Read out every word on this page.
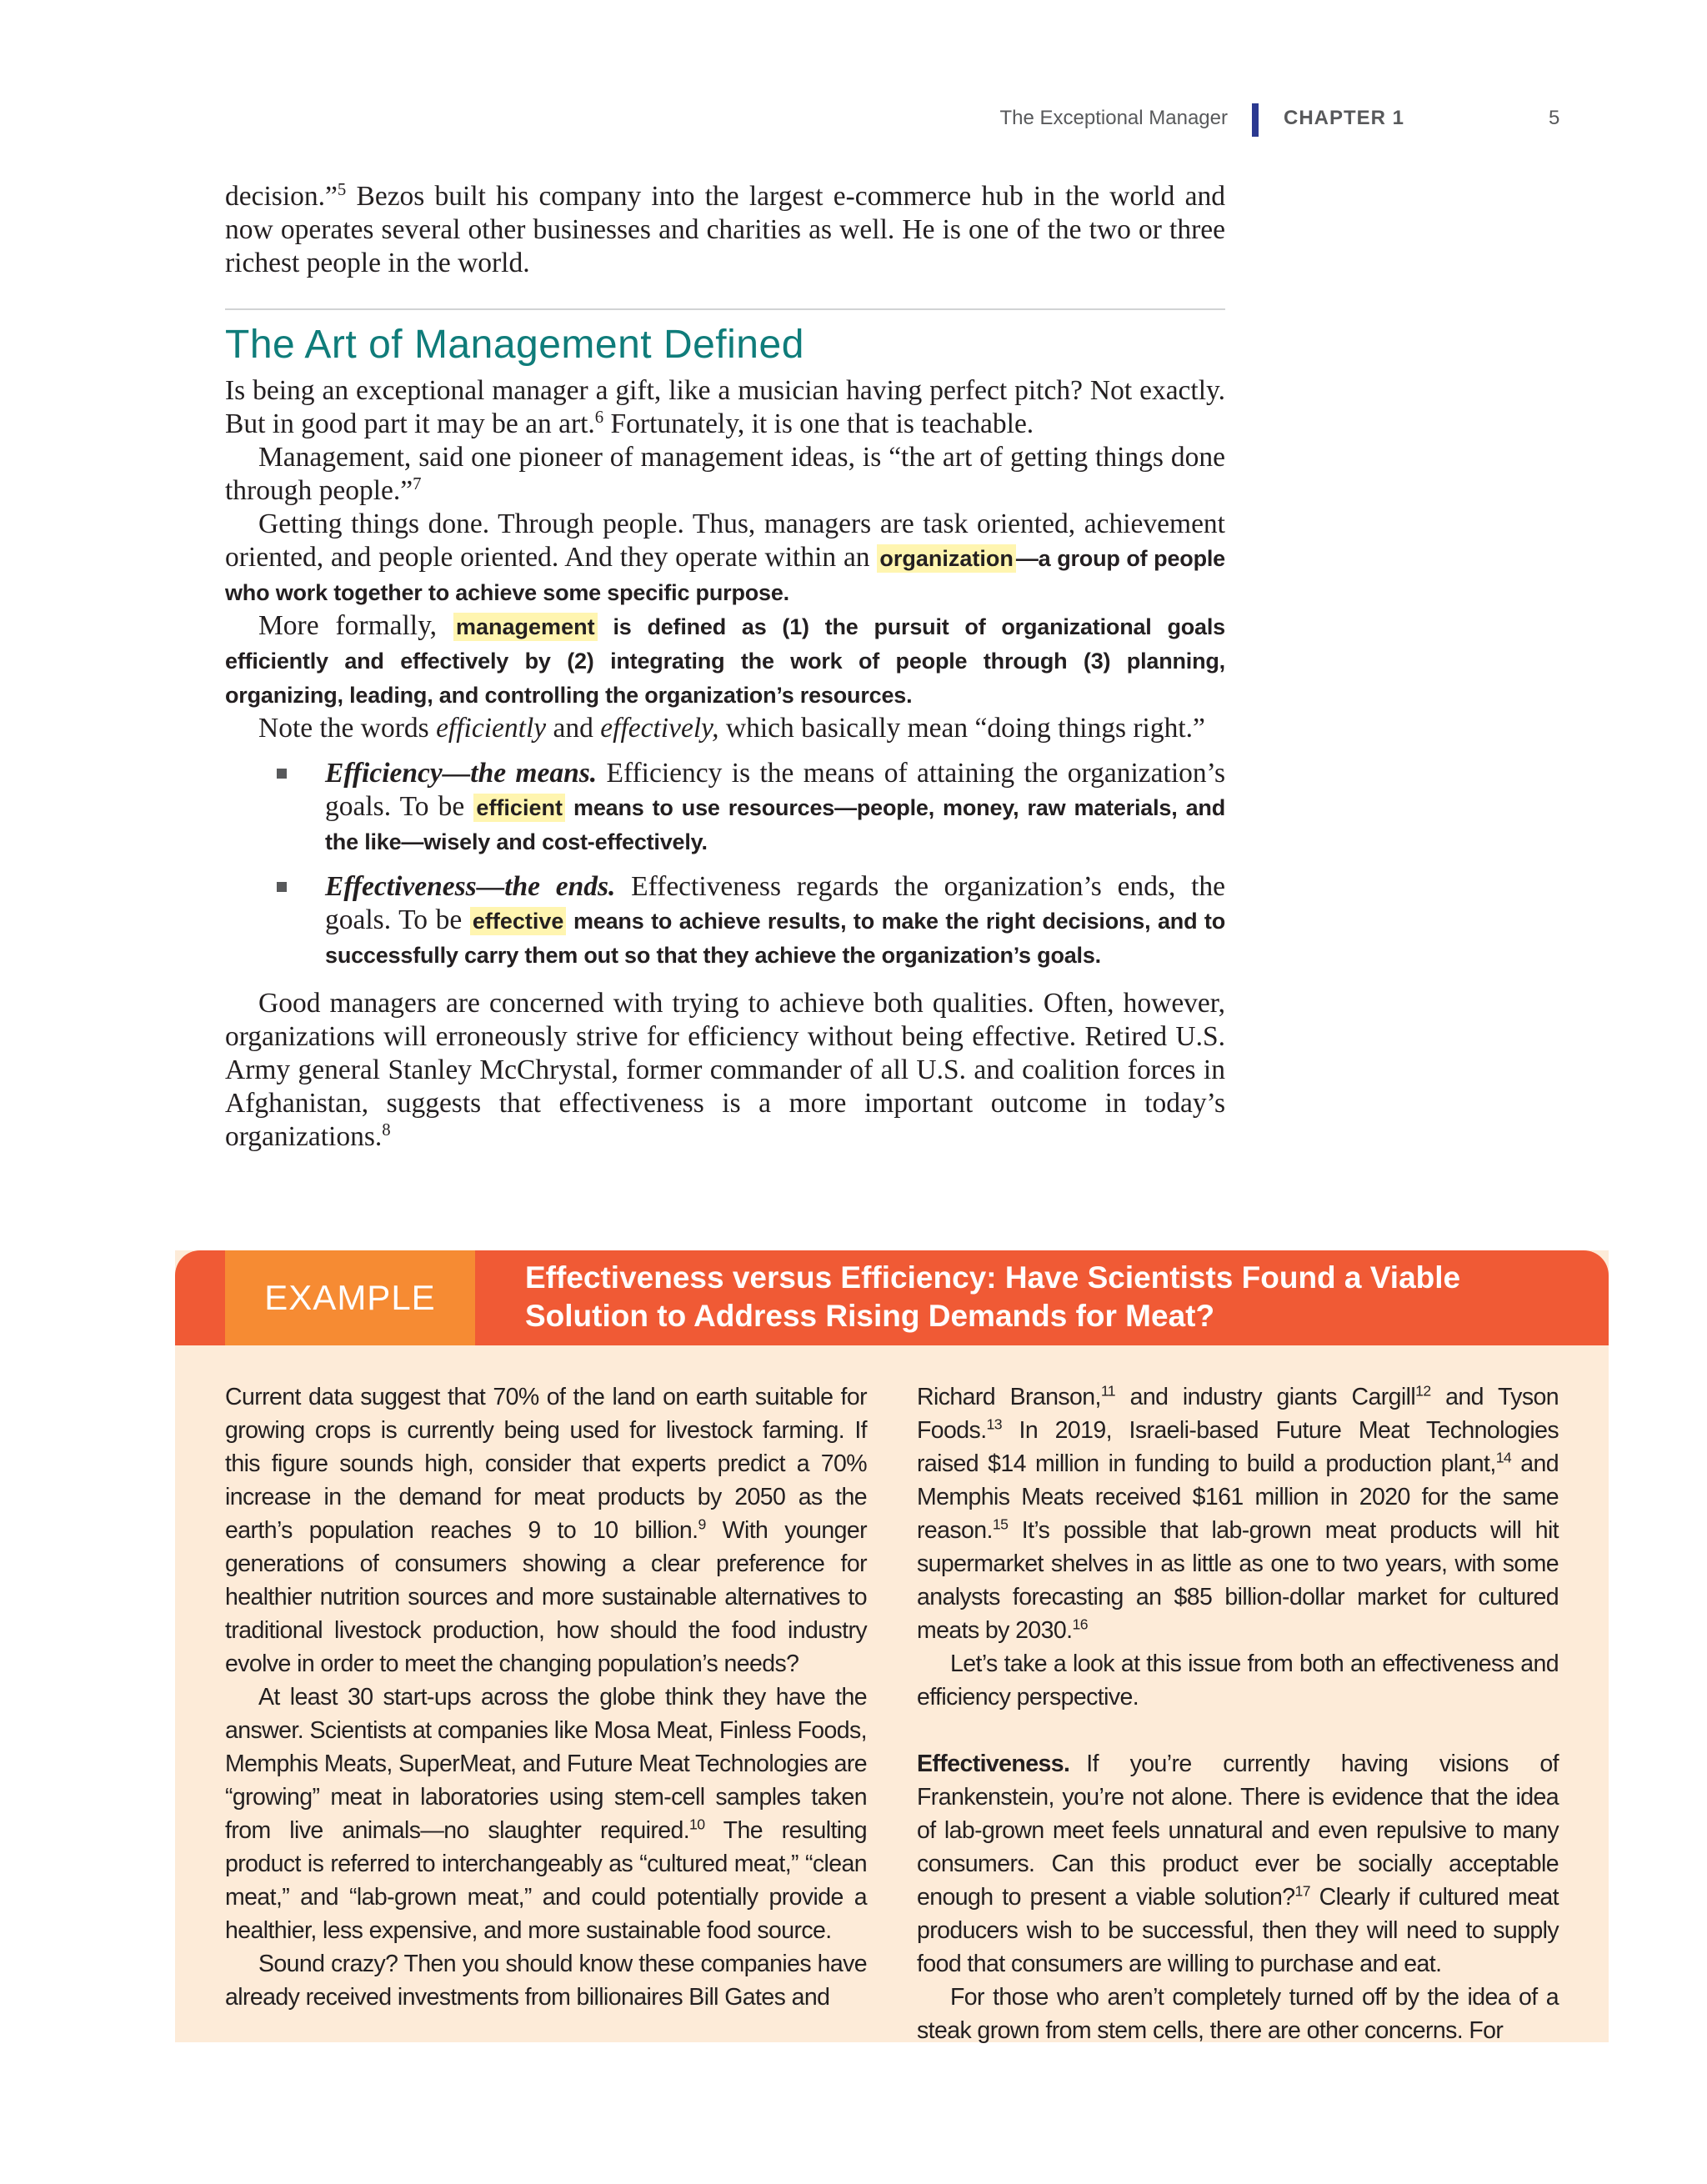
The Exceptional Manager	CHAPTER 1	5

decision.”$^5$ Bezos built his company into the largest e-commerce hub in the world and now operates several other businesses and charities as well. He is one of the two or three richest people in the world.

The Art of Management Defined

Is being an exceptional manager a gift, like a musician having perfect pitch? Not exactly. But in good part it may be an art.$^6$ Fortunately, it is one that is teachable.

Management, said one pioneer of management ideas, is “the art of getting things done through people.”$^7$

Getting things done. Through people. Thus, managers are task oriented, achievement oriented, and people oriented. And they operate within an organization —a group of people who work together to achieve some specific purpose.

More formally, management is defined as (1) the pursuit of organizational goals efficiently and effectively by (2) integrating the work of people through (3) planning, organizing, leading, and controlling the organization’s resources.

Note the words efficiently and effectively, which basically mean “doing things right.”

Efficiency—the means. Efficiency is the means of attaining the organization’s goals. To be efficient means to use resources—people, money, raw materials, and the like—wisely and cost-effectively.

Effectiveness—the ends. Effectiveness regards the organization’s ends, the goals. To be effective means to achieve results, to make the right decisions, and to successfully carry them out so that they achieve the organization’s goals.

Good managers are concerned with trying to achieve both qualities. Often, however, organizations will erroneously strive for efficiency without being effective. Retired U.S. Army general Stanley McChrystal, former commander of all U.S. and coalition forces in Afghanistan, suggests that effectiveness is a more important outcome in today’s organizations.$^8$

EXAMPLE
Effectiveness versus Efficiency: Have Scientists Found a Viable Solution to Address Rising Demands for Meat?

Current data suggest that 70% of the land on earth suitable for growing crops is currently being used for livestock farming. If this figure sounds high, consider that experts predict a 70% increase in the demand for meat products by 2050 as the earth’s population reaches 9 to 10 billion.$^9$ With younger generations of consumers showing a clear preference for healthier nutrition sources and more sustainable alternatives to traditional livestock production, how should the food industry evolve in order to meet the changing population’s needs?

At least 30 start-ups across the globe think they have the answer. Scientists at companies like Mosa Meat, Finless Foods, Memphis Meats, SuperMeat, and Future Meat Technologies are “growing” meat in laboratories using stem-cell samples taken from live animals—no slaughter required.$^{10}$ The resulting product is referred to interchangeably as “cultured meat,” “clean meat,” and “lab-grown meat,” and could potentially provide a healthier, less expensive, and more sustainable food source.

Sound crazy? Then you should know these companies have already received investments from billionaires Bill Gates and

Richard Branson,$^{11}$ and industry giants Cargill$^{12}$ and Tyson Foods.$^{13}$ In 2019, Israeli-based Future Meat Technologies raised $14 million in funding to build a production plant,$^{14}$ and Memphis Meats received $161 million in 2020 for the same reason.$^{15}$ It’s possible that lab-grown meat products will hit supermarket shelves in as little as one to two years, with some analysts forecasting an $85 billion-dollar market for cultured meats by 2030.16

Let’s take a look at this issue from both an effectiveness and efficiency perspective.

Effectiveness. If you’re currently having visions of Frankenstein, you’re not alone. There is evidence that the idea of lab-grown meet feels unnatural and even repulsive to many consumers. Can this product ever be socially acceptable enough to present a viable solution?$^{17}$ Clearly if cultured meat producers wish to be successful, then they will need to supply food that consumers are willing to purchase and eat.

For those who aren’t completely turned off by the idea of a steak grown from stem cells, there are other concerns. For
